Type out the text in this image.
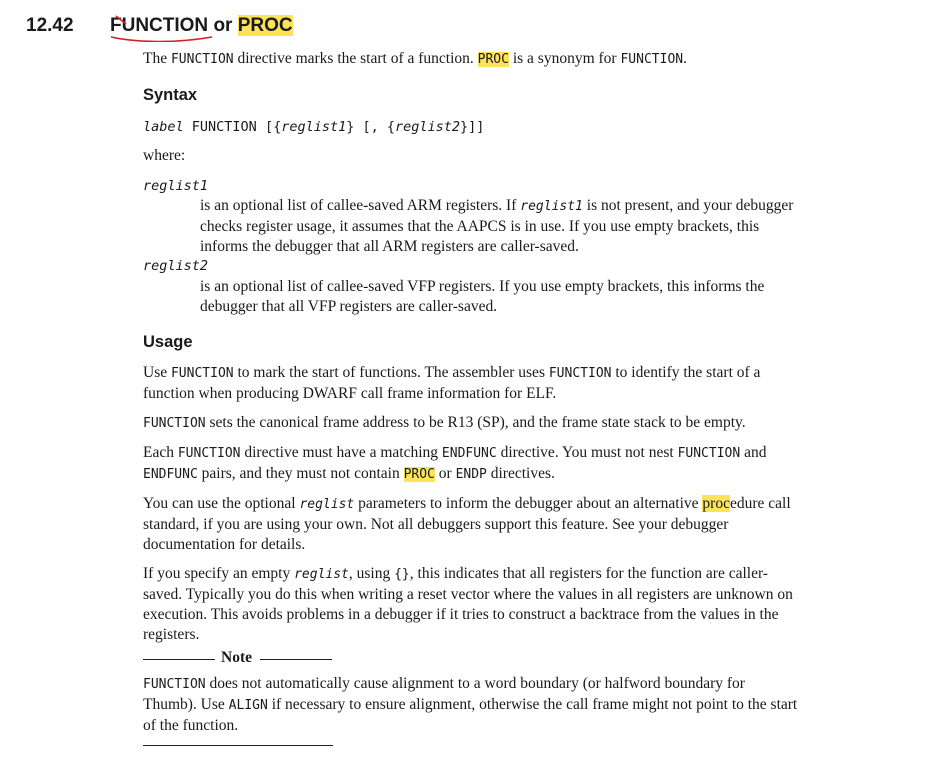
12.42 FUNCTION or PROC

The FUNCTION directive marks the start of a function. PROC is a synonym for FUNCTION.

Syntax

label FUNCTION [{reglist1} [, {reglist2}]]

where:

reglist1

is an optional list of callee-saved ARM registers. If reglist1 is not present, and your debugger
checks register usage, it assumes that the AAPCS is in use. If you use empty brackets, this
informs the debugger that all ARM registers are caller-saved.

reglist2

is an optional list of callee-saved VFP registers. If you use empty brackets, this informs the
debugger that all VFP registers are caller-saved.

Usage

Use FUNCTION to mark the start of functions. The assembler uses FUNCTION to identify the start of a
function when producing DWARF call frame information for ELF.

FUNCTION sets the canonical frame address to be R13 (SP), and the frame state stack to be empty.

Each FUNCTION directive must have a matching ENDFUNC directive. You must not nest FUNCTION and
ENDFUNC pairs, and they must not contain PROC or ENDP directives.

You can use the optional reglist parameters to inform the debugger about an alternative procedure call
standard, if you are using your own. Not all debuggers support this feature. See your debugger
documentation for details.

If you specify an empty reglist, using {}, this indicates that all registers for the function are caller-
saved. Typically you do this when writing a reset vector where the values in all registers are unknown on
execution. This avoids problems in a debugger if it tries to construct a backtrace from the values in the
registers.

Note

FUNCTION does not automatically cause alignment to a word boundary (or halfword boundary for
Thumb). Use ALIGN if necessary to ensure alignment, otherwise the call frame might not point to the start
of the function.
